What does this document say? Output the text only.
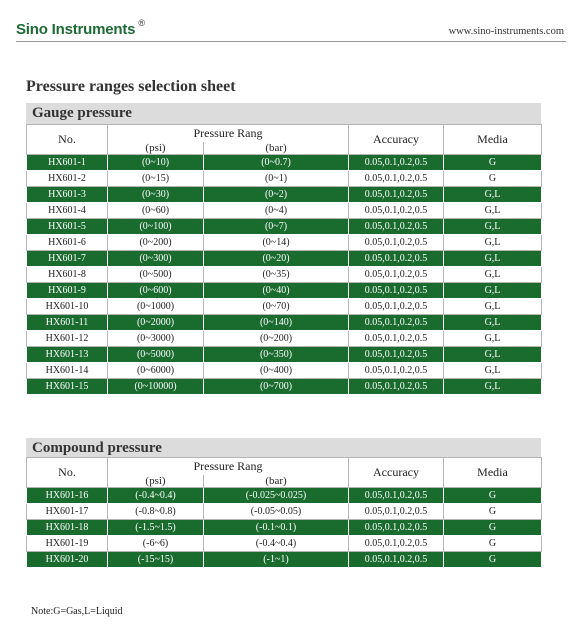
Sino Instruments ®
www.sino-instruments.com
Pressure ranges selection sheet
Gauge pressure
No.	Pressure Rang		Accuracy	Media
	(psi)	(bar)		
HX601-1	(0~10)	(0~0.7)	0.05,0.1,0.2,0.5	G
HX601-2	(0~15)	(0~1)	0.05,0.1,0.2,0.5	G
HX601-3	(0~30)	(0~2)	0.05,0.1,0.2,0.5	G,L
HX601-4	(0~60)	(0~4)	0.05,0.1,0.2,0.5	G,L
HX601-5	(0~100)	(0~7)	0.05,0.1,0.2,0.5	G,L
HX601-6	(0~200)	(0~14)	0.05,0.1,0.2,0.5	G,L
HX601-7	(0~300)	(0~20)	0.05,0.1,0.2,0.5	G,L
HX601-8	(0~500)	(0~35)	0.05,0.1,0.2,0.5	G,L
HX601-9	(0~600)	(0~40)	0.05,0.1,0.2,0.5	G,L
HX601-10	(0~1000)	(0~70)	0.05,0.1,0.2,0.5	G,L
HX601-11	(0~2000)	(0~140)	0.05,0.1,0.2,0.5	G,L
HX601-12	(0~3000)	(0~200)	0.05,0.1,0.2,0.5	G,L
HX601-13	(0~5000)	(0~350)	0.05,0.1,0.2,0.5	G,L
HX601-14	(0~6000)	(0~400)	0.05,0.1,0.2,0.5	G,L
HX601-15	(0~10000)	(0~700)	0.05,0.1,0.2,0.5	G,L
Compound pressure
No.	Pressure Rang		Accuracy	Media
	(psi)	(bar)		
HX601-16	(-0.4~0.4)	(-0.025~0.025)	0.05,0.1,0.2,0.5	G
HX601-17	(-0.8~0.8)	(-0.05~0.05)	0.05,0.1,0.2,0.5	G
HX601-18	(-1.5~1.5)	(-0.1~0.1)	0.05,0.1,0.2,0.5	G
HX601-19	(-6~6)	(-0.4~0.4)	0.05,0.1,0.2,0.5	G
HX601-20	(-15~15)	(-1~1)	0.05,0.1,0.2,0.5	G
Note:G=Gas,L=Liquid
